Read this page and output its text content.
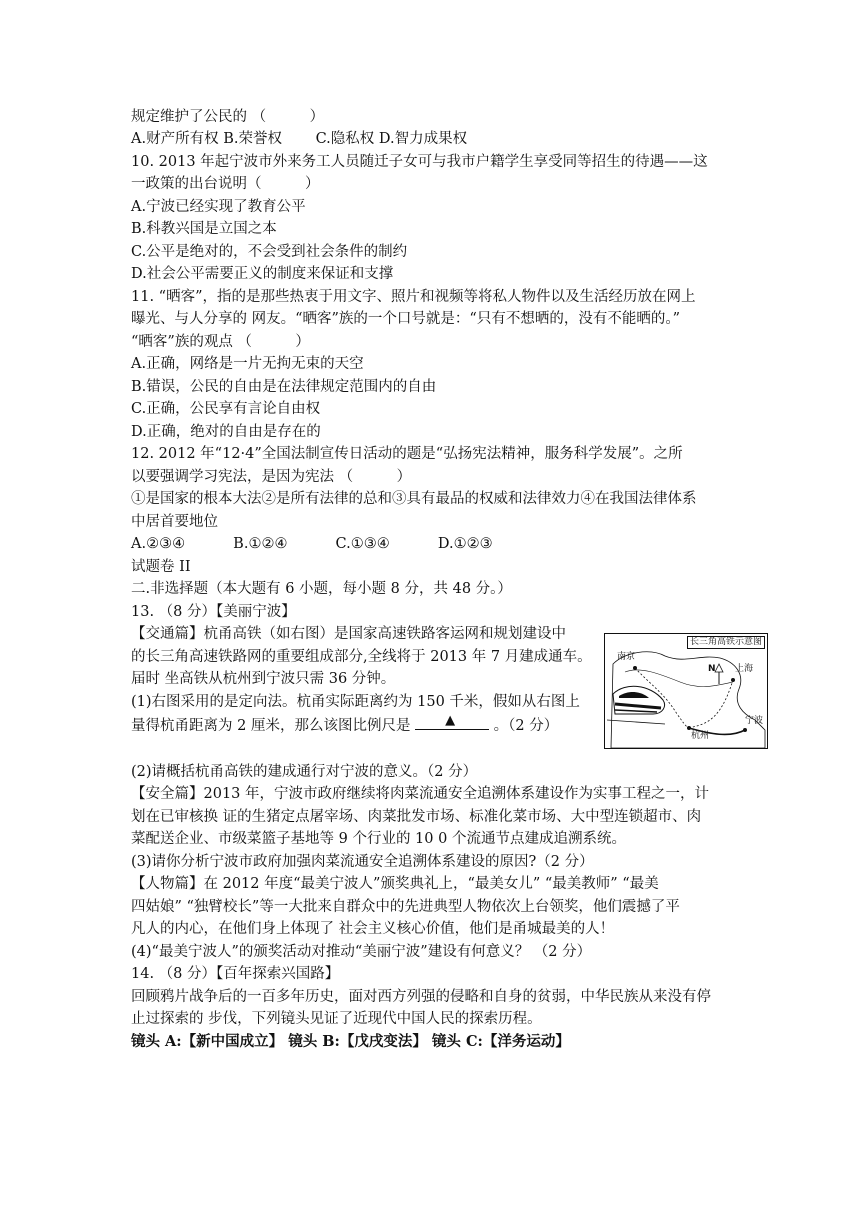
规定维护了公民的 （　　　）
A.财产所有权 B.荣誉权　　 C.隐私权 D.智力成果权
10. 2013 年起宁波市外来务工人员随迁子女可与我市户籍学生享受同等招生的待遇——这
一政策的出台说明（　　　）
A.宁波已经实现了教育公平
B.科教兴国是立国之本
C.公平是绝对的，不会受到社会条件的制约
D.社会公平需要正义的制度来保证和支撑
11. “晒客”，指的是那些热衷于用文字、照片和视频等将私人物件以及生活经历放在网上
曝光、与人分享的 网友。“晒客”族的一个口号就是：“只有不想晒的，没有不能晒的。”
“晒客”族的观点 （　　　）
A.正确，网络是一片无拘无束的天空
B.错误，公民的自由是在法律规定范围内的自由
C.正确，公民享有言论自由权
D.正确，绝对的自由是存在的
12. 2012 年“12·4”全国法制宣传日活动的题是“弘扬宪法精神，服务科学发展”。之所
以要强调学习宪法，是因为宪法 （　　　）
①是国家的根本大法②是所有法律的总和③具有最品的权威和法律效力④在我国法律体系
中居首要地位
A.②③④　　　 B.①②④　　　 C.①③④　　　 D.①②③
试题卷 II
二.非选择题（本大题有 6 小题，每小题 8 分，共 48 分。）
13. （8 分）【美丽宁波】
【交通篇】杭甬高铁（如右图）是国家高速铁路客运网和规划建设中
的长三角高速铁路网的重要组成部分,全线将于 2013 年 7 月建成通车。
届时 坐高铁从杭州到宁波只需 36 分钟。
(1)右图采用的是定向法。杭甬实际距离约为 150 千米，假如从右图上
量得杭甬距离为 2 厘米，那么该图比例尺是 ▲ 。（2 分）
长三角高铁示意图
南京
上海
杭州
宁波
N
(2)请概括杭甬高铁的建成通行对宁波的意义。（2 分）
【安全篇】2013 年，宁波市政府继续将肉菜流通安全追溯体系建设作为实事工程之一，计
划在已审核换 证的生猪定点屠宰场、肉菜批发市场、标准化菜市场、大中型连锁超市、肉
菜配送企业、市级菜篮子基地等 9 个行业的 10 0 个流通节点建成追溯系统。
(3)请你分析宁波市政府加强肉菜流通安全追溯体系建设的原因?（2 分）
【人物篇】在 2012 年度“最美宁波人”颁奖典礼上，“最美女儿” “最美教师” “最美
四姑娘” “独臂校长”等一大批来自群众中的先进典型人物依次上台领奖，他们震撼了平
凡人的内心，在他们身上体现了 社会主义核心价值，他们是甬城最美的人！
(4)“最美宁波人”的颁奖活动对推动“美丽宁波”建设有何意义？ （2 分）
14. （8 分）【百年探索兴国路】
回顾鸦片战争后的一百多年历史，面对西方列强的侵略和自身的贫弱，中华民族从来没有停
止过探索的 步伐，下列镜头见证了近现代中国人民的探索历程。
镜头 A:【新中国成立】 镜头 B:【戊戌变法】 镜头 C:【洋务运动】
